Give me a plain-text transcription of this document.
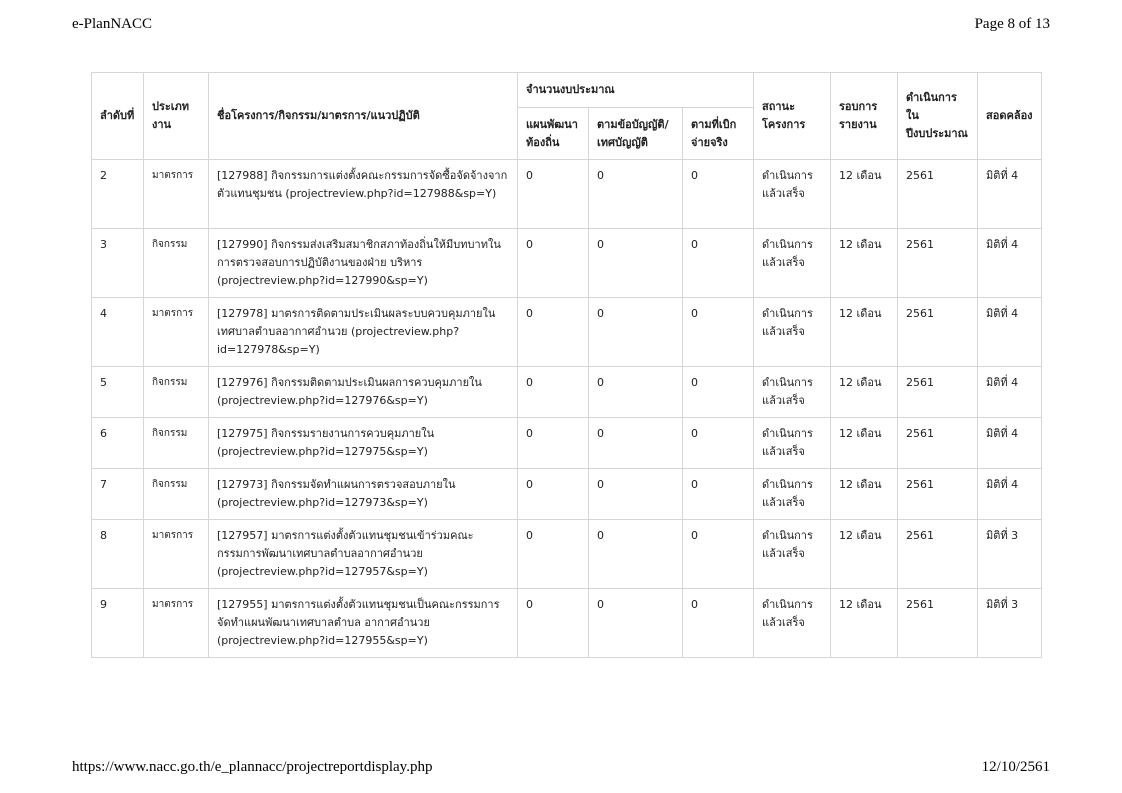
e-PlanNACC	Page 8 of 13
ลำดับที่	ประเภทงาน	ชื่อโครงการ/กิจกรรม/มาตรการ/แนวปฏิบัติ	จำนวนงบประมาณ			สถานะโครงการ	รอบการรายงาน	ดำเนินการในปีงบประมาณ	สอดคล้อง
			แผนพัฒนาท้องถิ่น	ตามข้อบัญญัติ/เทศบัญญัติ	ตามที่เบิกจ่ายจริง				
2	มาตรการ	[127988] กิจกรรมการแต่งตั้งคณะกรรมการจัดซื้อจัดจ้างจากตัวแทนชุมชน (projectreview.php?id=127988&sp=Y)	0	0	0	ดำเนินการแล้วเสร็จ	12 เดือน	2561	มิติที่ 4
3	กิจกรรม	[127990] กิจกรรมส่งเสริมสมาชิกสภาท้องถิ่นให้มีบทบาทในการตรวจสอบการปฏิบัติงานของฝ่าย บริหาร (projectreview.php?id=127990&sp=Y)	0	0	0	ดำเนินการแล้วเสร็จ	12 เดือน	2561	มิติที่ 4
4	มาตรการ	[127978] มาตรการติดตามประเมินผลระบบควบคุมภายในเทศบาลตำบลอากาศอำนวย (projectreview.php?id=127978&sp=Y)	0	0	0	ดำเนินการแล้วเสร็จ	12 เดือน	2561	มิติที่ 4
5	กิจกรรม	[127976] กิจกรรมติดตามประเมินผลการควบคุมภายใน (projectreview.php?id=127976&sp=Y)	0	0	0	ดำเนินการแล้วเสร็จ	12 เดือน	2561	มิติที่ 4
6	กิจกรรม	[127975] กิจกรรมรายงานการควบคุมภายใน (projectreview.php?id=127975&sp=Y)	0	0	0	ดำเนินการแล้วเสร็จ	12 เดือน	2561	มิติที่ 4
7	กิจกรรม	[127973] กิจกรรมจัดทำแผนการตรวจสอบภายใน (projectreview.php?id=127973&sp=Y)	0	0	0	ดำเนินการแล้วเสร็จ	12 เดือน	2561	มิติที่ 4
8	มาตรการ	[127957] มาตรการแต่งตั้งตัวแทนชุมชนเข้าร่วมคณะกรรมการพัฒนาเทศบาลตำบลอากาศอำนวย (projectreview.php?id=127957&sp=Y)	0	0	0	ดำเนินการแล้วเสร็จ	12 เดือน	2561	มิติที่ 3
9	มาตรการ	[127955] มาตรการแต่งตั้งตัวแทนชุมชนเป็นคณะกรรมการจัดทำแผนพัฒนาเทศบาลตำบล อากาศอำนวย (projectreview.php?id=127955&sp=Y)	0	0	0	ดำเนินการแล้วเสร็จ	12 เดือน	2561	มิติที่ 3
https://www.nacc.go.th/e_plannacc/projectreportdisplay.php	12/10/2561
